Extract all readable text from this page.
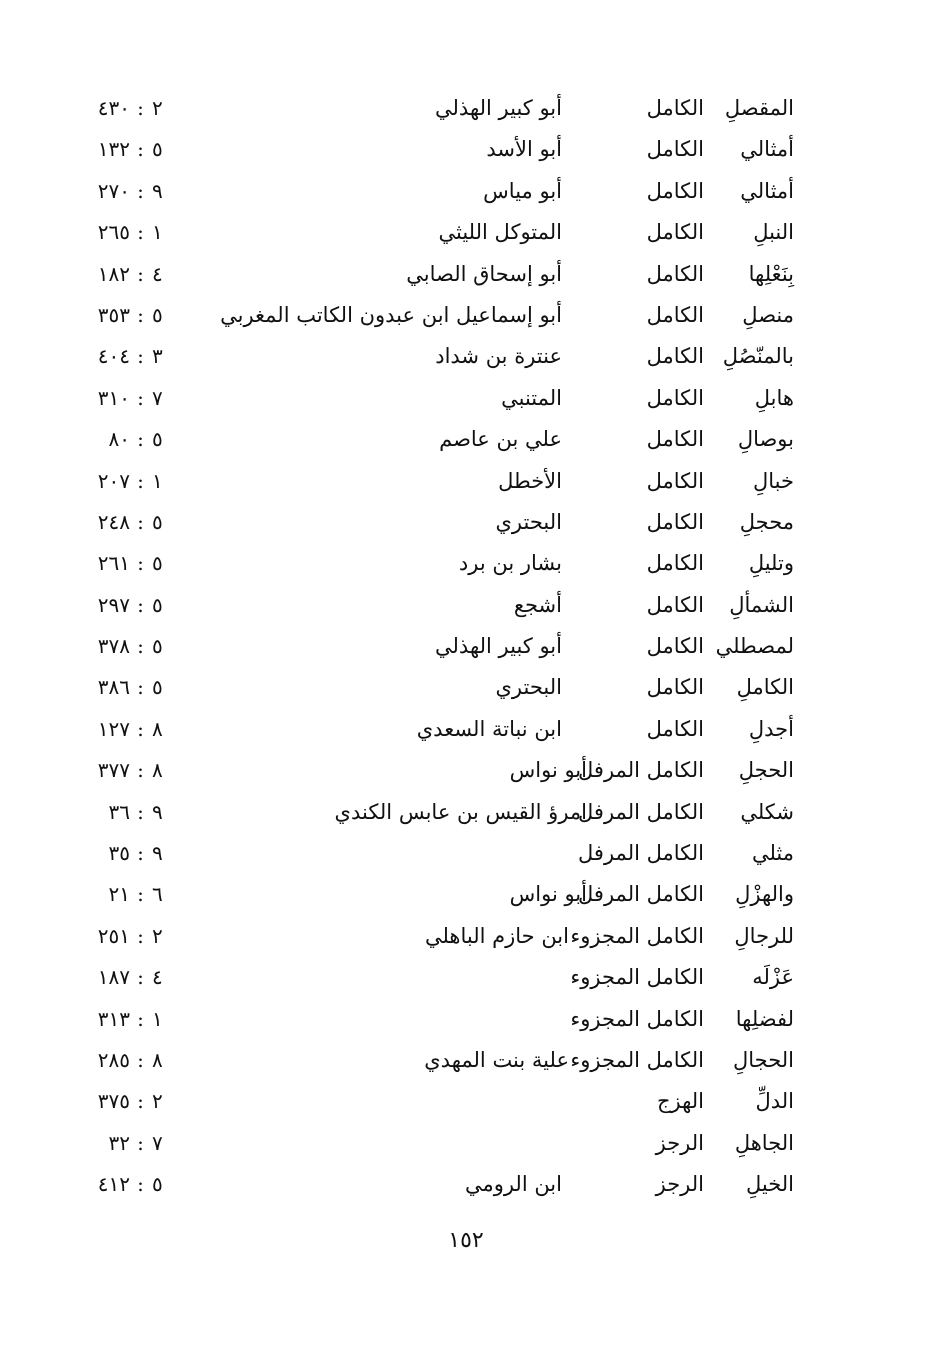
المقصلِ
الكامل
أبو كبير الهذلي
٤٣٠ : ٢
أمثالي
الكامل
أبو الأسد
١٣٢ : ٥
أمثالي
الكامل
أبو مياس
٢٧٠ : ٩
النبلِ
الكامل
المتوكل الليثي
٢٦٥ : ١
بِنَعْلِها
الكامل
أبو إسحاق الصابي
١٨٢ : ٤
منصلِ
الكامل
أبو إسماعيل ابن عبدون الكاتب المغربي
٣٥٣ : ٥
بالمنّصُلِ
الكامل
عنترة بن شداد
٤٠٤ : ٣
هابلِ
الكامل
المتنبي
٣١٠ : ٧
بوصالِ
الكامل
علي بن عاصم
٨٠ : ٥
خبالِ
الكامل
الأخطل
٢٠٧ : ١
محجلِ
الكامل
البحتري
٢٤٨ : ٥
وتليلِ
الكامل
بشار بن برد
٢٦١ : ٥
الشمألِ
الكامل
أشجع
٢٩٧ : ٥
لمصطلي
الكامل
أبو كبير الهذلي
٣٧٨ : ٥
الكاملِ
الكامل
البحتري
٣٨٦ : ٥
أجدلِ
الكامل
ابن نباتة السعدي
١٢٧ : ٨
الحجلِ
الكامل المرفل
أبو نواس
٣٧٧ : ٨
شكلي
الكامل المرفل
امرؤ القيس بن عابس الكندي
٣٦ : ٩
مثلي
الكامل المرفل
٣٥ : ٩
والهزْلِ
الكامل المرفل
أبو نواس
٢١ : ٦
للرجالِ
الكامل المجزوء
ابن حازم الباهلي
٢٥١ : ٢
عَزْلَه
الكامل المجزوء
١٨٧ : ٤
لفضلِها
الكامل المجزوء
٣١٣ : ١
الحجالِ
الكامل المجزوء
علية بنت المهدي
٢٨٥ : ٨
الدلِّ
الهزج
٣٧٥ : ٢
الجاهلِ
الرجز
٣٢ : ٧
الخيلِ
الرجز
ابن الرومي
٤١٢ : ٥
١٥٢
